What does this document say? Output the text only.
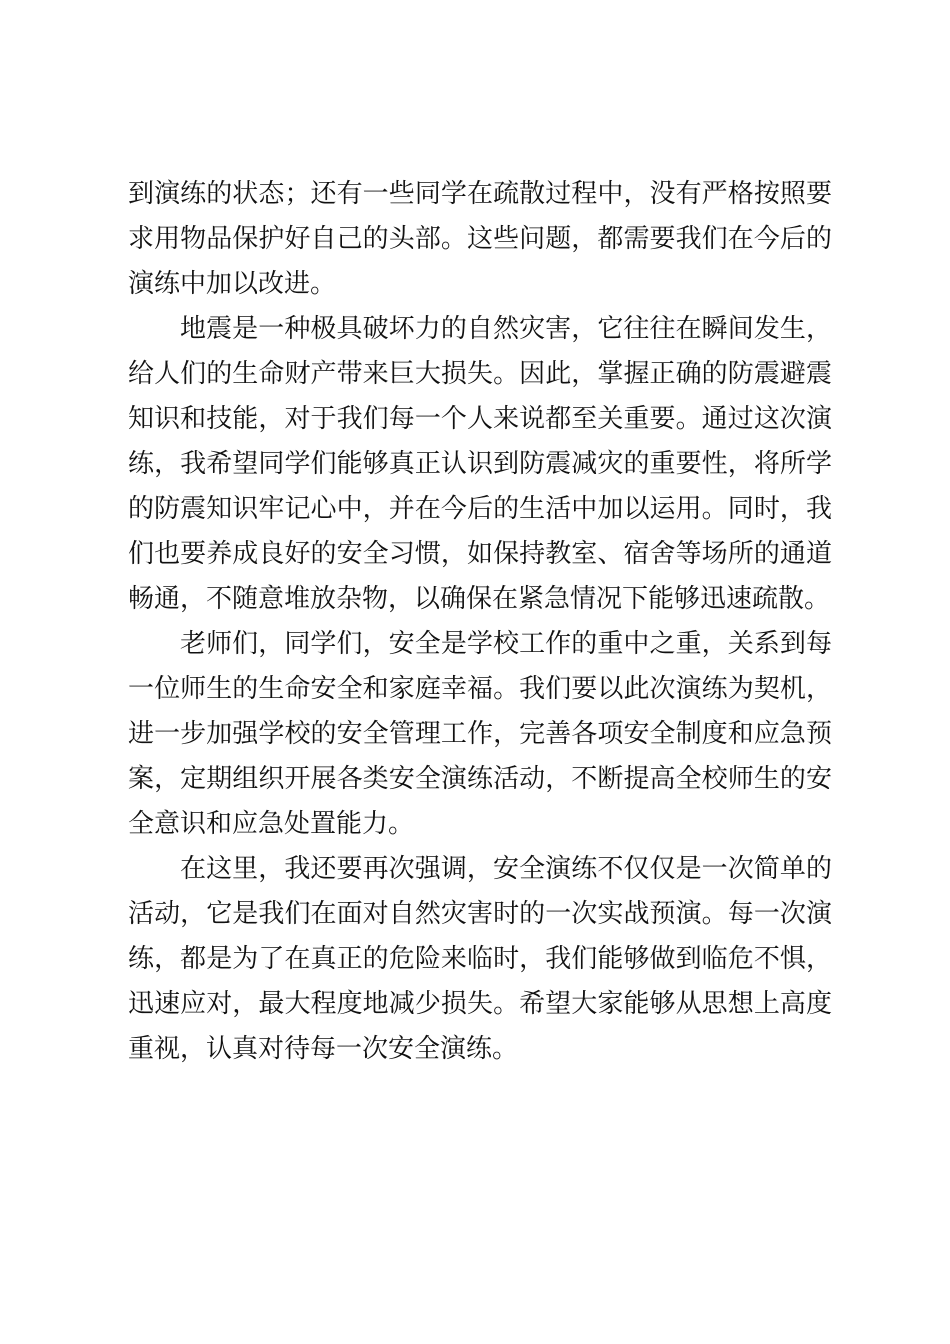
到演练的状态；还有一些同学在疏散过程中，没有严格按照要求用物品保护好自己的头部。这些问题，都需要我们在今后的演练中加以改进。

地震是一种极具破坏力的自然灾害，它往往在瞬间发生，给人们的生命财产带来巨大损失。因此，掌握正确的防震避震知识和技能，对于我们每一个人来说都至关重要。通过这次演练，我希望同学们能够真正认识到防震减灾的重要性，将所学的防震知识牢记心中，并在今后的生活中加以运用。同时，我们也要养成良好的安全习惯，如保持教室、宿舍等场所的通道畅通，不随意堆放杂物，以确保在紧急情况下能够迅速疏散。

老师们，同学们，安全是学校工作的重中之重，关系到每一位师生的生命安全和家庭幸福。我们要以此次演练为契机，进一步加强学校的安全管理工作，完善各项安全制度和应急预案，定期组织开展各类安全演练活动，不断提高全校师生的安全意识和应急处置能力。

在这里，我还要再次强调，安全演练不仅仅是一次简单的活动，它是我们在面对自然灾害时的一次实战预演。每一次演练，都是为了在真正的危险来临时，我们能够做到临危不惧，迅速应对，最大程度地减少损失。希望大家能够从思想上高度重视，认真对待每一次安全演练。
